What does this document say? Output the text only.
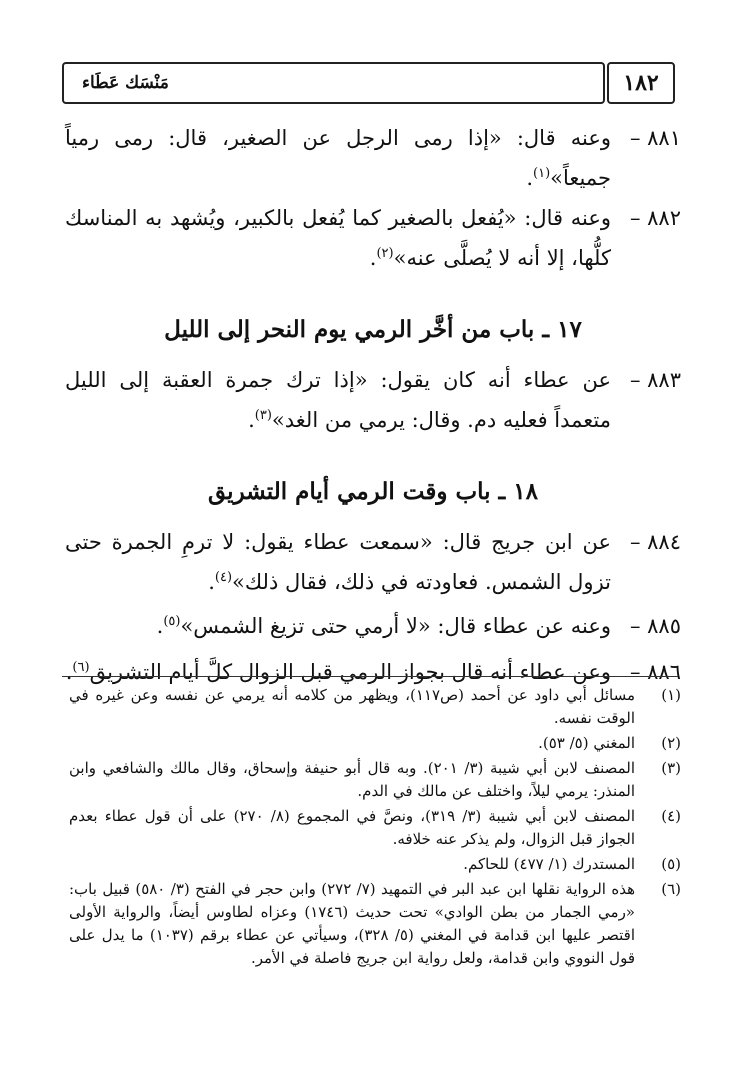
١٨٢
مَنْسَك عَطَاء

٨٨١ –
وعنه قال: «إذا رمى الرجل عن الصغير، قال: رمى رمياً جميعاً»$^{(١)}$.

٨٨٢ –
وعنه قال: «يُفعل بالصغير كما يُفعل بالكبير، ويُشهد به المناسك كلُّها، إلا أنه لا يُصلَّى عنه»$^{(٢)}$.

١٧ ـ باب من أخَّر الرمي يوم النحر إلى الليل

٨٨٣ –
عن عطاء أنه كان يقول: «إذا ترك جمرة العقبة إلى الليل متعمداً فعليه دم. وقال: يرمي من الغد»$^{(٣)}$.

١٨ ـ باب وقت الرمي أيام التشريق

٨٨٤ –
عن ابن جريج قال: «سمعت عطاء يقول: لا ترمِ الجمرة حتى تزول الشمس. فعاودته في ذلك، فقال ذلك»$^{(٤)}$.

٨٨٥ –
وعنه عن عطاء قال: «لا أرمي حتى تزيغ الشمس»$^{(٥)}$.

٨٨٦ –
وعن عطاء أنه قال بجواز الرمي قبل الزوال كلَّ أيام التشريق$^{(٦)}$.

(١)
مسائل أبي داود عن أحمد (ص١١٧)، ويظهر من كلامه أنه يرمي عن نفسه وعن غيره في الوقت نفسه.

(٢)
المغني (٥/ ٥٣).

(٣)
المصنف لابن أبي شيبة (٣/ ٢٠١). وبه قال أبو حنيفة وإسحاق، وقال مالك والشافعي وابن المنذر: يرمي ليلاً، واختلف عن مالك في الدم.

(٤)
المصنف لابن أبي شيبة (٣/ ٣١٩)، ونصَّ في المجموع (٨/ ٢٧٠) على أن قول عطاء بعدم الجواز قبل الزوال، ولم يذكر عنه خلافه.

(٥)
المستدرك (١/ ٤٧٧) للحاكم.

(٦)
هذه الرواية نقلها ابن عبد البر في التمهيد (٧/ ٢٧٢) وابن حجر في الفتح (٣/ ٥٨٠) قبيل باب: «رمي الجمار من بطن الوادي» تحت حديث (١٧٤٦) وعزاه لطاوس أيضاً، والرواية الأولى اقتصر عليها ابن قدامة في المغني (٥/ ٣٢٨)، وسيأتي عن عطاء برقم (١٠٣٧) ما يدل على قول النووي وابن قدامة، ولعل رواية ابن جريج فاصلة في الأمر.
